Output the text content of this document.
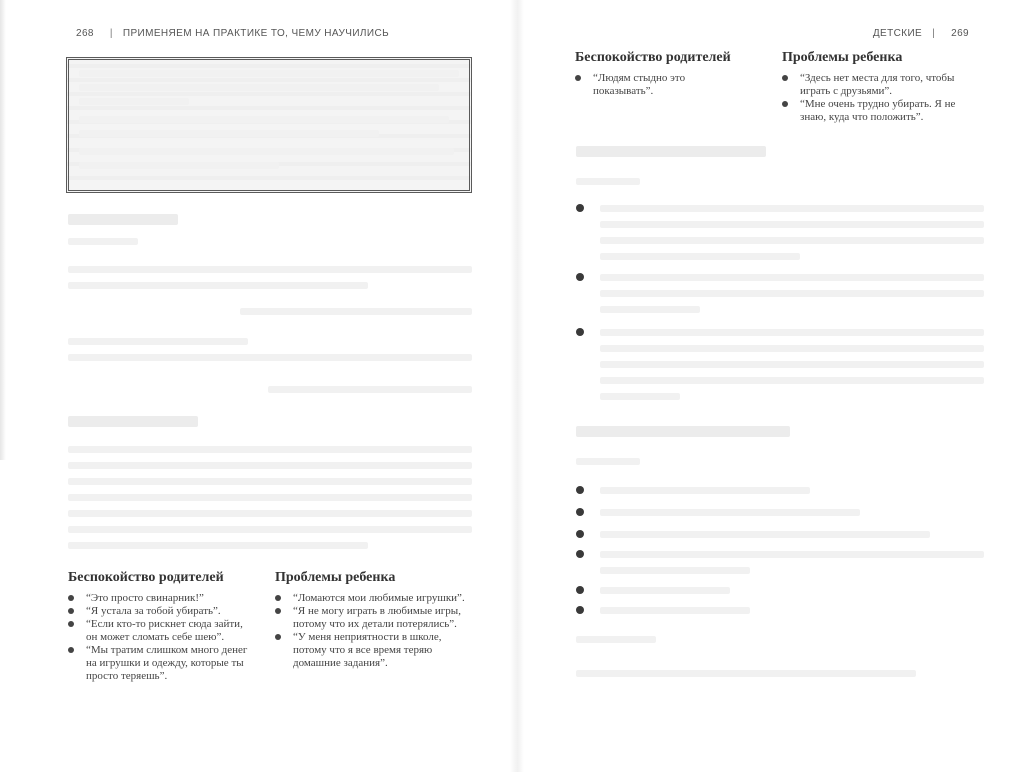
268 | ПРИМЕНЯЕМ НА ПРАКТИКЕ ТО, ЧЕМУ НАУЧИЛИСЬ
Беспокойство родителей
“Это просто свинарник!”
“Я устала за тобой убирать”.
“Если кто-то рискнет сюда зайти, он может сломать себе шею”.
“Мы тратим слишком много денег на игрушки и одежду, которые ты просто теряешь”.
Проблемы ребенка
“Ломаются мои любимые игрушки”.
“Я не могу играть в любимые игры, потому что их детали потерялись”.
“У меня неприятности в школе, потому что я все время теряю домашние задания”.
ДЕТСКИЕ | 269
Беспокойство родителей
“Людям стыдно это показывать”.
Проблемы ребенка
“Здесь нет места для того, чтобы играть с друзьями”.
“Мне очень трудно убирать. Я не знаю, куда что положить”.
